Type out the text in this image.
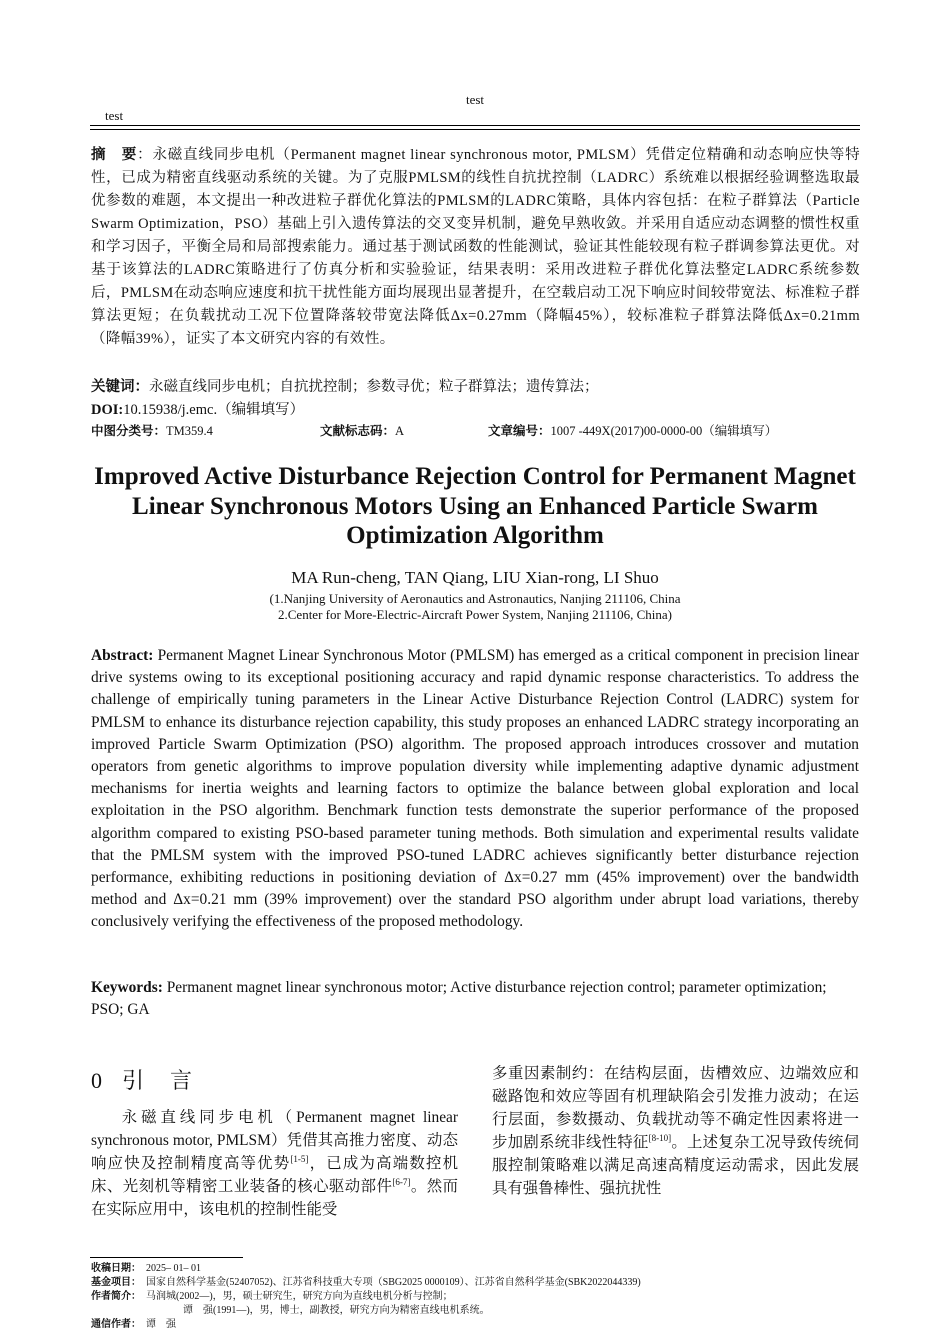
test
test
摘　要：永磁直线同步电机（Permanent magnet linear synchronous motor, PMLSM）凭借定位精确和动态响应快等特性，已成为精密直线驱动系统的关键。为了克服PMLSM的线性自抗扰控制（LADRC）系统难以根据经验调整选取最优参数的难题，本文提出一种改进粒子群优化算法的PMLSM的LADRC策略，具体内容包括：在粒子群算法（Particle Swarm Optimization，PSO）基础上引入遗传算法的交叉变异机制，避免早熟收敛。并采用自适应动态调整的惯性权重和学习因子，平衡全局和局部搜索能力。通过基于测试函数的性能测试，验证其性能较现有粒子群调参算法更优。对基于该算法的LADRC策略进行了仿真分析和实验验证，结果表明：采用改进粒子群优化算法整定LADRC系统参数后，PMLSM在动态响应速度和抗干扰性能方面均展现出显著提升，在空载启动工况下响应时间较带宽法、标准粒子群算法更短；在负载扰动工况下位置降落较带宽法降低Δx=0.27mm（降幅45%），较标准粒子群算法降低Δx=0.21mm（降幅39%），证实了本文研究内容的有效性。
关键词：永磁直线同步电机；自抗扰控制；参数寻优；粒子群算法；遗传算法；
DOI:10.15938/j.emc.（编辑填写）
中图分类号：TM359.4	文献标志码：A	文章编号：1007 -449X(2017)00-0000-00（编辑填写）
Improved Active Disturbance Rejection Control for Permanent Magnet Linear Synchronous Motors Using an Enhanced Particle Swarm Optimization Algorithm
MA Run-cheng, TAN Qiang, LIU Xian-rong, LI Shuo
(1.Nanjing University of Aeronautics and Astronautics, Nanjing 211106, China
2.Center for More-Electric-Aircraft Power System, Nanjing 211106, China)
Abstract: Permanent Magnet Linear Synchronous Motor (PMLSM) has emerged as a critical component in precision linear drive systems owing to its exceptional positioning accuracy and rapid dynamic response characteristics. To address the challenge of empirically tuning parameters in the Linear Active Disturbance Rejection Control (LADRC) system for PMLSM to enhance its disturbance rejection capability, this study proposes an enhanced LADRC strategy incorporating an improved Particle Swarm Optimization (PSO) algorithm. The proposed approach introduces crossover and mutation operators from genetic algorithms to improve population diversity while implementing adaptive dynamic adjustment mechanisms for inertia weights and learning factors to optimize the balance between global exploration and local exploitation in the PSO algorithm. Benchmark function tests demonstrate the superior performance of the proposed algorithm compared to existing PSO-based parameter tuning methods. Both simulation and experimental results validate that the PMLSM system with the improved PSO-tuned LADRC achieves significantly better disturbance rejection performance, exhibiting reductions in positioning deviation of Δx=0.27 mm (45% improvement) over the bandwidth method and Δx=0.21 mm (39% improvement) over the standard PSO algorithm under abrupt load variations, thereby conclusively verifying the effectiveness of the proposed methodology.
Keywords: Permanent magnet linear synchronous motor; Active disturbance rejection control; parameter optimization; PSO; GA
0 引　言
永磁直线同步电机（Permanent magnet linear synchronous motor, PMLSM）凭借其高推力密度、动态响应快及控制精度高等优势[1-5]，已成为高端数控机床、光刻机等精密工业装备的核心驱动部件[6-7]。然而在实际应用中，该电机的控制性能受
多重因素制约：在结构层面，齿槽效应、边端效应和磁路饱和效应等固有机理缺陷会引发推力波动；在运行层面，参数摄动、负载扰动等不确定性因素将进一步加剧系统非线性特征[8-10]。上述复杂工况导致传统伺服控制策略难以满足高速高精度运动需求，因此发展具有强鲁棒性、强抗扰性
收稿日期： 2025– 01– 01
基金项目： 国家自然科学基金(52407052)、江苏省科技重大专项（SBG2025 0000109）、江苏省自然科学基金(SBK2022044339)
作者简介： 马润城(2002—)，男，硕士研究生，研究方向为直线电机分析与控制；
谭　强(1991—)，男，博士，副教授，研究方向为精密直线电机系统。
通信作者： 谭　强
